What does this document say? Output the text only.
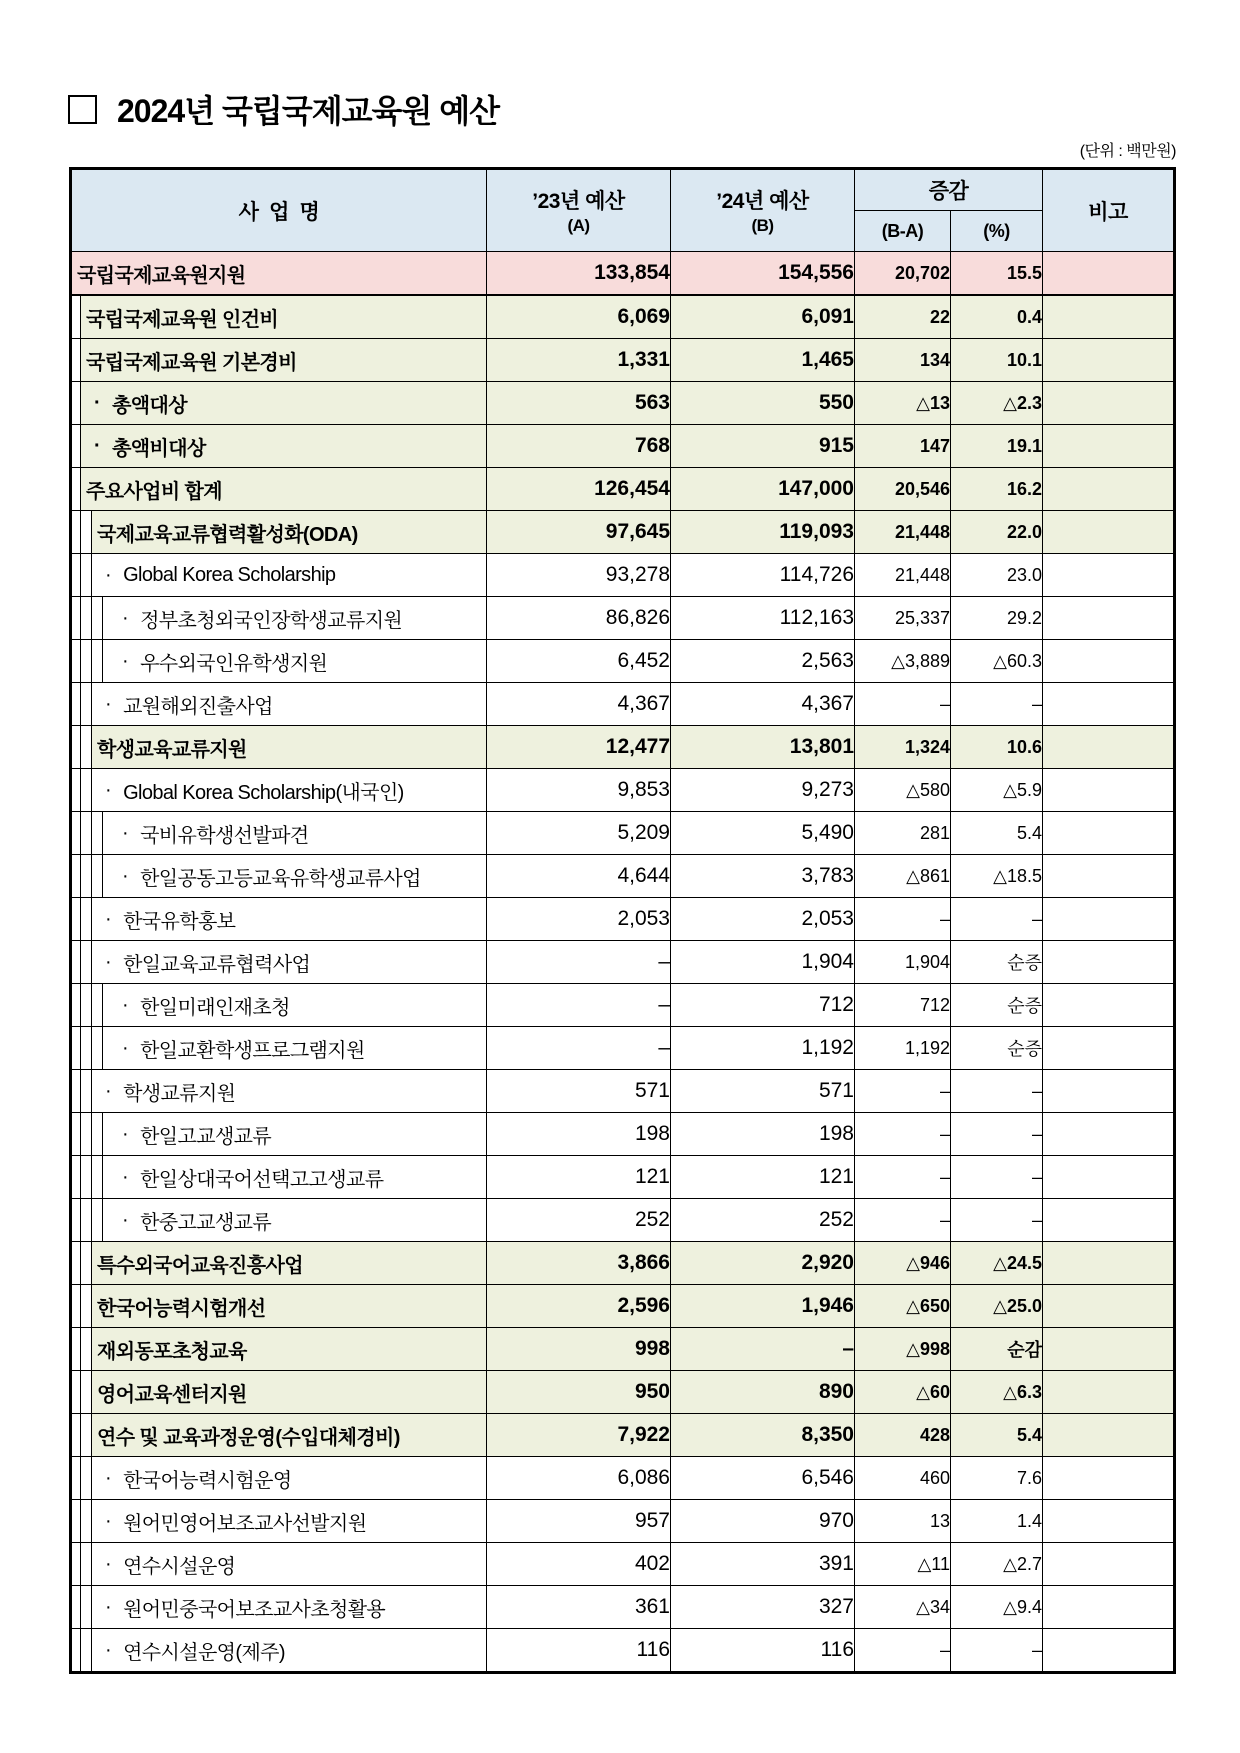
2024년 국립국제교육원 예산
(단위 : 백만원)
사  업  명	’23년 예산
(A)

’24년 예산
(B)

증감

비고

			(B-A)	(%)	

국립국제교육원지원	133,854	154,556	20,702	15.5	

국립국제교육원 인건비	6,069	6,091	22	0.4	

국립국제교육원 기본경비	1,331	1,465	134	10.1	

· 총액대상	563	550	△13	△2.3	

· 총액비대상	768	915	147	19.1	

주요사업비 합계	126,454	147,000	20,546	16.2	

국제교육교류협력활성화(ODA)	97,645	119,093	21,448	22.0	

· Global Korea Scholarship	93,278	114,726	21,448	23.0	

· 정부초청외국인장학생교류지원	86,826	112,163	25,337	29.2	

· 우수외국인유학생지원	6,452	2,563	△3,889	△60.3	

· 교원해외진출사업	4,367	4,367	–	–	

학생교육교류지원	12,477	13,801	1,324	10.6	

· Global Korea Scholarship(내국인)	9,853	9,273	△580	△5.9	

· 국비유학생선발파견	5,209	5,490	281	5.4	

· 한일공동고등교육유학생교류사업	4,644	3,783	△861	△18.5	

· 한국유학홍보	2,053	2,053	–	–	

· 한일교육교류협력사업	–	1,904	1,904	순증	

· 한일미래인재초청	–	712	712	순증	

· 한일교환학생프로그램지원	–	1,192	1,192	순증	

· 학생교류지원	571	571	–	–	

· 한일고교생교류	198	198	–	–	

· 한일상대국어선택고고생교류	121	121	–	–	

· 한중고교생교류	252	252	–	–	

특수외국어교육진흥사업	3,866	2,920	△946	△24.5	

한국어능력시험개선	2,596	1,946	△650	△25.0	

재외동포초청교육	998	–	△998	순감	

영어교육센터지원	950	890	△60	△6.3	

연수 및 교육과정운영(수입대체경비)	7,922	8,350	428	5.4	

· 한국어능력시험운영	6,086	6,546	460	7.6	

· 원어민영어보조교사선발지원	957	970	13	1.4	

· 연수시설운영	402	391	△11	△2.7	

· 원어민중국어보조교사초청활용	361	327	△34	△9.4	

· 연수시설운영(제주)	116	116	–	–	
